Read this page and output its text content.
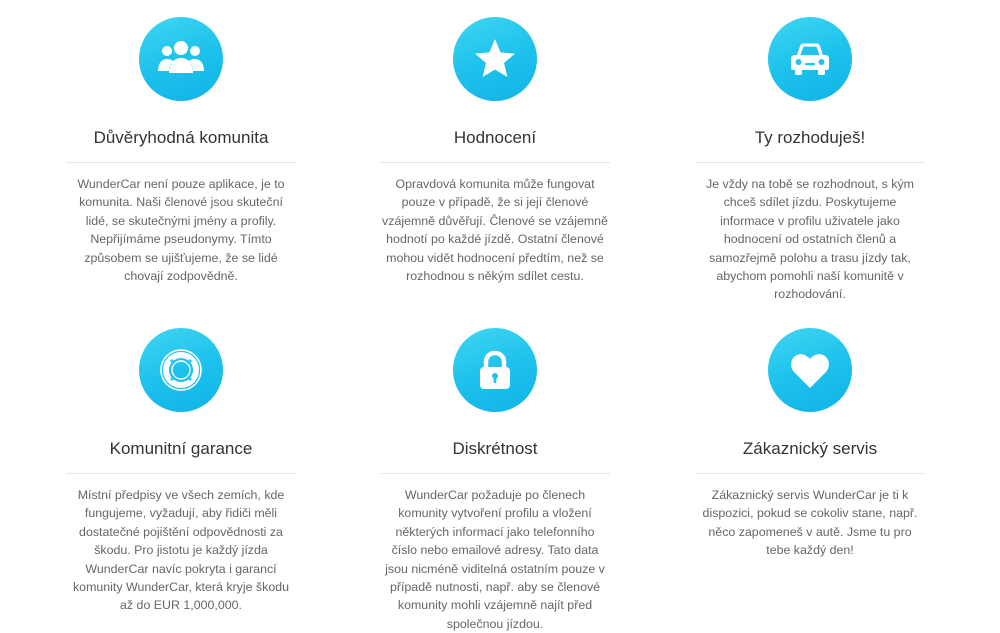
Důvěryhodná komunita
WunderCar není pouze aplikace, je to
komunita. Naši členové jsou skuteční
lidé, se skutečnými jmény a profily.
Nepřijímáme pseudonymy. Tímto
způsobem se ujišťujeme, že se lidé
chovají zodpovědně.
Hodnocení
Opravdová komunita může fungovat
pouze v případě, že si její členové
vzájemně důvěřují. Členové se vzájemně
hodnotí po každé jízdě. Ostatní členové
mohou vidět hodnocení předtím, než se
rozhodnou s někým sdílet cestu.
Ty rozhoduješ!
Je vždy na tobě se rozhodnout, s kým
chceš sdílet jízdu. Poskytujeme
informace v profilu uživatele jako
hodnocení od ostatních členů a
samozřejmě polohu a trasu jízdy tak,
abychom pomohli naší komunitě v
rozhodování.
Komunitní garance
Místní předpisy ve všech zemích, kde
fungujeme, vyžadují, aby řidiči měli
dostatečné pojištění odpovědnosti za
škodu. Pro jistotu je každý jízda
WunderCar navíc pokryta i garancí
komunity WunderCar, která kryje škodu
až do EUR 1,000,000.
Diskrétnost
WunderCar požaduje po členech
komunity vytvoření profilu a vložení
některých informací jako telefonního
číslo nebo emailové adresy. Tato data
jsou nicméně viditelná ostatním pouze v
případě nutnosti, např. aby se členové
komunity mohli vzájemně najít před
společnou jízdou.
Zákaznický servis
Zákaznický servis WunderCar je ti k
dispozici, pokud se cokoliv stane, např.
něco zapomeneš v autě. Jsme tu pro
tebe každý den!
